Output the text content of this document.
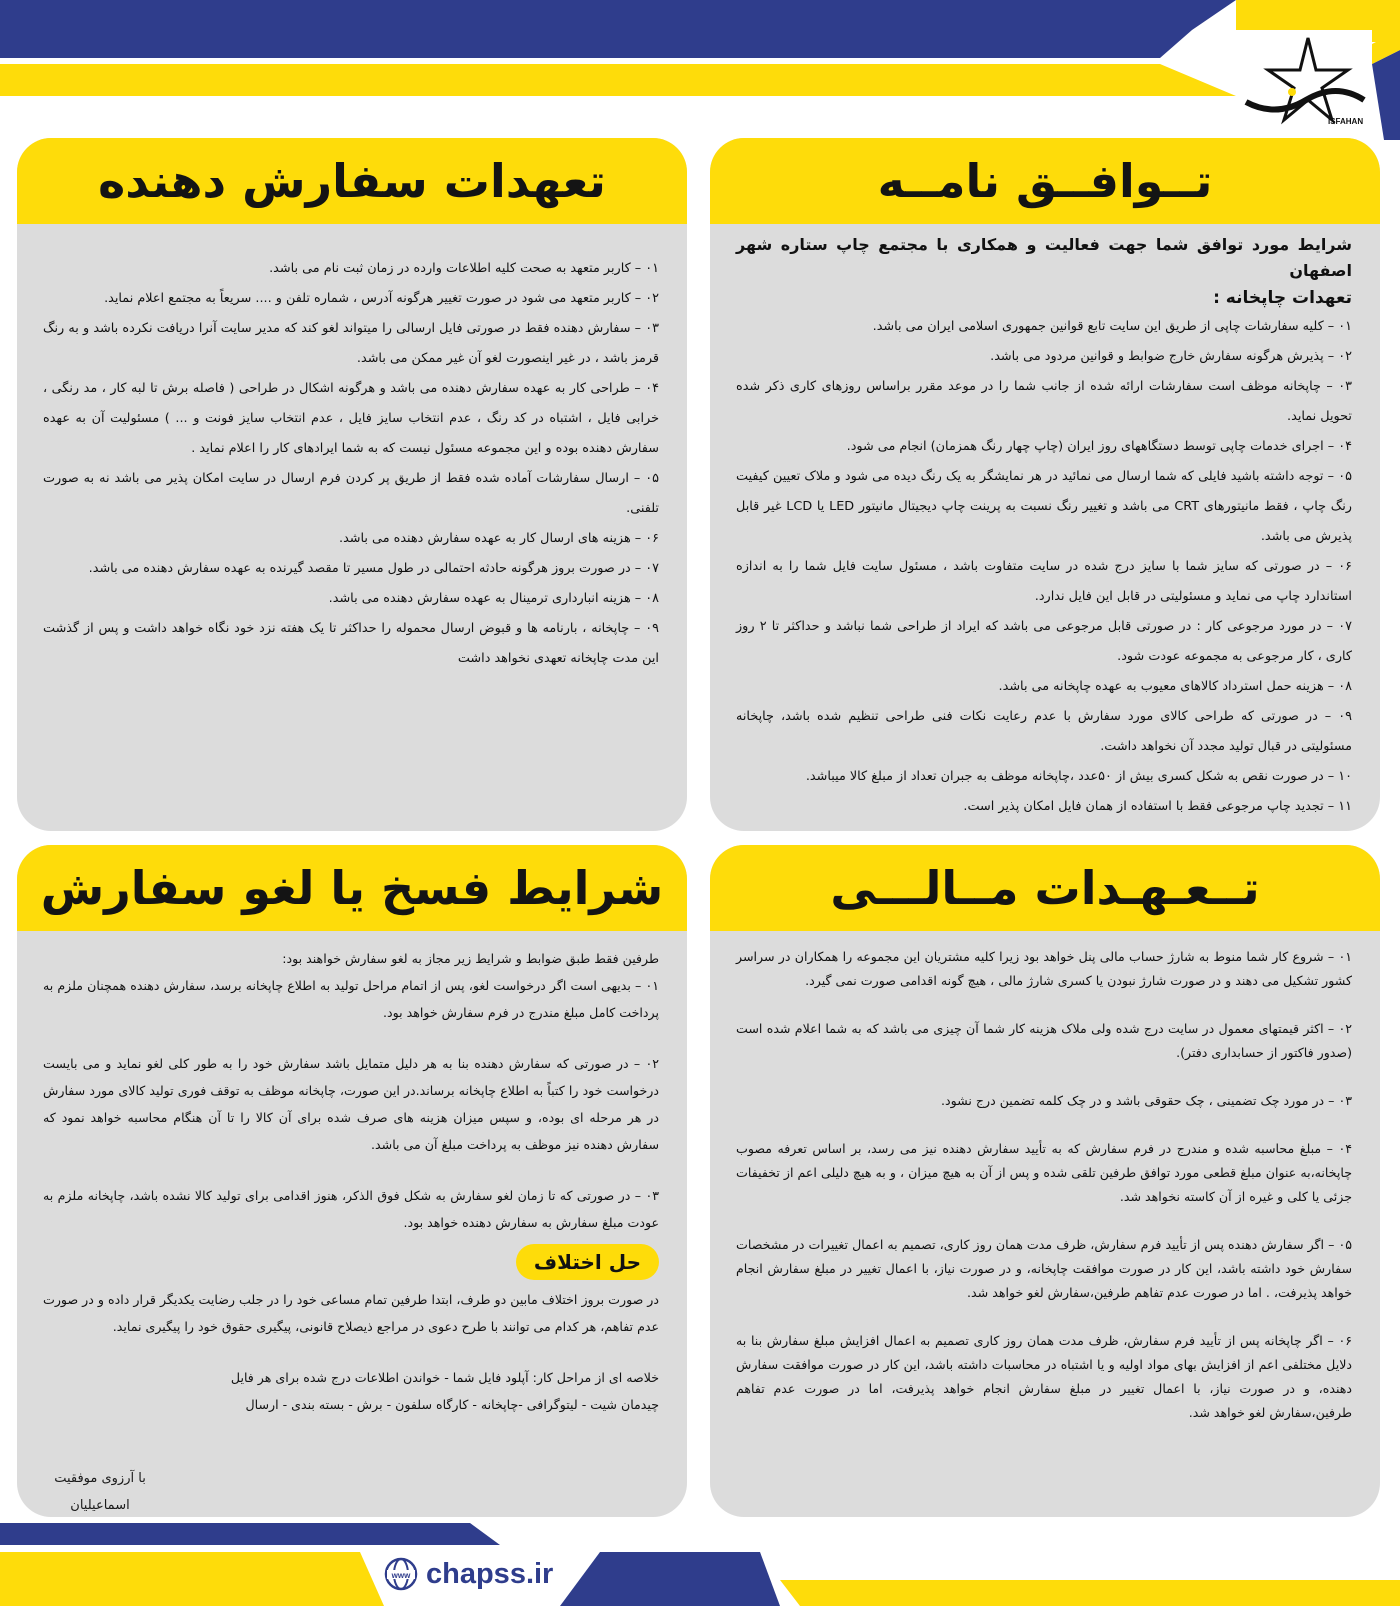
ISFAHAN
تــوافــق نامــه

شرایط مورد توافق شما جهت فعالیت و همکاری با مجتمع چاپ ستاره شهر اصفهان

تعهدات چاپخانه :

۰۱ – کلیه سفارشات چاپی از طریق این سایت تابع قوانین جمهوری اسلامی ایران می باشد.

۰۲ – پذیرش هرگونه سفارش خارج ضوابط و قوانین مردود می باشد.

۰۳ – چاپخانه موظف است سفارشات ارائه شده از جانب شما را در موعد مقرر براساس روزهای کاری ذکر شده تحویل نماید.

۰۴ – اجرای خدمات چاپی توسط دستگاههای روز ایران (چاپ چهار رنگ همزمان) انجام می شود.

۰۵ – توجه داشته باشید فایلی که شما ارسال می نمائید در هر نمایشگر به یک رنگ دیده می شود و ملاک تعیین کیفیت رنگ چاپ ، فقط مانیتورهای CRT می باشد و تغییر رنگ نسبت به پرینت چاپ دیجیتال مانیتور LED یا LCD غیر قابل پذیرش می باشد.

۰۶ – در صورتی که سایز شما با سایز درج شده در سایت متفاوت باشد ، مسئول سایت فایل شما را به اندازه استاندارد چاپ می نماید و مسئولیتی در قابل این فایل ندارد.

۰۷ – در مورد مرجوعی کار : در صورتی قابل مرجوعی می باشد که ایراد از طراحی شما نباشد و حداکثر تا ۲ روز کاری ، کار مرجوعی به مجموعه عودت شود.

۰۸ – هزینه حمل استرداد کالاهای معیوب به عهده چاپخانه می باشد.

۰۹ – در صورتی که طراحی کالای مورد سفارش با عدم رعایت نکات فنی طراحی تنظیم شده باشد، چاپخانه مسئولیتی در قبال تولید مجدد آن نخواهد داشت.

۱۰ – در صورت نقص به شکل کسری بیش از ۵۰عدد ،چاپخانه موظف به جبران تعداد از مبلغ کالا میباشد.

۱۱ – تجدید چاپ مرجوعی فقط با استفاده از همان فایل امکان پذیر است.

تعهدات سفارش دهنده

۰۱ – کاربر متعهد به صحت کلیه اطلاعات وارده در زمان ثبت نام می باشد.

۰۲ – کاربر متعهد می شود در صورت تغییر هرگونه آدرس ، شماره تلفن و .... سریعاً به مجتمع اعلام نماید.

۰۳ – سفارش دهنده فقط در صورتی فایل ارسالی را میتواند لغو کند که مدیر سایت آنرا دریافت نکرده باشد و به رنگ قرمز باشد ، در غیر اینصورت لغو آن غیر ممکن می باشد.

۰۴ – طراحی کار به عهده سفارش دهنده می باشد و هرگونه اشکال در طراحی ( فاصله برش تا لبه کار ، مد رنگی ، خرابی فایل ، اشتباه در کد رنگ ، عدم انتخاب سایز فایل ، عدم انتخاب سایز فونت و ... ) مسئولیت آن به عهده سفارش دهنده بوده و این مجموعه مسئول نیست که به شما ایرادهای کار را اعلام نماید .

۰۵ – ارسال سفارشات آماده شده فقط از طریق پر کردن فرم ارسال در سایت امکان پذیر می باشد نه به صورت تلفنی.

۰۶ – هزینه های ارسال کار به عهده سفارش دهنده می باشد.

۰۷ – در صورت بروز هرگونه حادثه احتمالی در طول مسیر تا مقصد گیرنده به عهده سفارش دهنده می باشد.

۰۸ – هزینه انبارداری ترمینال به عهده سفارش دهنده می باشد.

۰۹ – چاپخانه ، بارنامه ها و قبوض ارسال محموله را حداکثر تا یک هفته نزد خود نگاه خواهد داشت و پس از گذشت این مدت چاپخانه تعهدی نخواهد داشت

تــعـهـدات مــالـــی

۰۱ – شروع کار شما منوط به شارژ حساب مالی پنل خواهد بود زیرا کلیه مشتریان این مجموعه را همکاران در سراسر کشور تشکیل می دهند و در صورت شارژ نبودن یا کسری شارژ مالی ، هیچ گونه اقدامی صورت نمی گیرد.

۰۲ – اکثر قیمتهای معمول در سایت درج شده ولی ملاک هزینه کار شما آن چیزی می باشد که به شما اعلام شده است (صدور فاکتور از حسابداری دفتر).

۰۳ – در مورد چک تضمینی ، چک حقوقی باشد و در چک کلمه تضمین درج نشود.

۰۴ – مبلغ محاسبه شده و مندرج در فرم سفارش که به تأیید سفارش دهنده نیز می رسد، بر اساس تعرفه مصوب چاپخانه،به عنوان مبلغ قطعی مورد توافق طرفین تلقی شده و پس از آن به هیچ میزان ، و به هیچ دلیلی اعم از تخفیفات جزئی یا کلی و غیره از آن کاسته نخواهد شد.

۰۵ – اگر سفارش دهنده پس از تأیید فرم سفارش، ظرف مدت همان روز کاری، تصمیم به اعمال تغییرات در مشخصات سفارش خود داشته باشد، این کار در صورت موافقت چاپخانه، و در صورت نیاز، با اعمال تغییر در مبلغ سفارش انجام خواهد پذیرفت، . اما در صورت عدم تفاهم طرفین،سفارش لغو خواهد شد.

۰۶ – اگر چاپخانه پس از تأیید فرم سفارش، ظرف مدت همان روز کاری تصمیم به اعمال افزایش مبلغ سفارش بنا به دلایل مختلفی اعم از افزایش بهای مواد اولیه و یا اشتباه در محاسبات داشته باشد، این کار در صورت موافقت سفارش دهنده، و در صورت نیاز، با اعمال تغییر در مبلغ سفارش انجام خواهد پذیرفت، اما در صورت عدم تفاهم طرفین،سفارش لغو خواهد شد.

شرایط فسخ یا لغو سفارش

طرفین فقط طبق ضوابط و شرایط زیر مجاز به لغو سفارش خواهند بود:

۰۱ – بدیهی است اگر درخواست لغو، پس از اتمام مراحل تولید به اطلاع چاپخانه برسد، سفارش دهنده همچنان ملزم به پرداخت کامل مبلغ مندرج در فرم سفارش خواهد بود.

۰۲ – در صورتی که سفارش دهنده بنا به هر دلیل متمایل باشد سفارش خود را به طور کلی لغو نماید و می بایست درخواست خود را کتباً به اطلاع چاپخانه برساند.در این صورت، چاپخانه موظف به توقف فوری تولید کالای مورد سفارش در هر مرحله ای بوده، و سپس میزان هزینه های صرف شده برای آن کالا را تا آن هنگام محاسبه خواهد نمود که سفارش دهنده نیز موظف به پرداخت مبلغ آن می باشد.

۰۳ – در صورتی که تا زمان لغو سفارش به شکل فوق الذکر، هنوز اقدامی برای تولید کالا نشده باشد، چاپخانه ملزم به عودت مبلغ سفارش به سفارش دهنده خواهد بود.

حل اختلاف

در صورت بروز اختلاف مابین دو طرف، ابتدا طرفین تمام مساعی خود را در جلب رضایت یکدیگر قرار داده و در صورت عدم تفاهم، هر کدام می توانند با طرح دعوی در مراجع ذیصلاح قانونی، پیگیری حقوق خود را پیگیری نماید.

خلاصه ای از مراحل کار: آپلود فایل شما - خواندن اطلاعات درج شده برای هر فایل

چیدمان شیت - لیتوگرافی -چاپخانه - کارگاه سلفون - برش - بسته بندی - ارسال

با آرزوی موفقیت
اسماعیلیان
www chapss.ir
